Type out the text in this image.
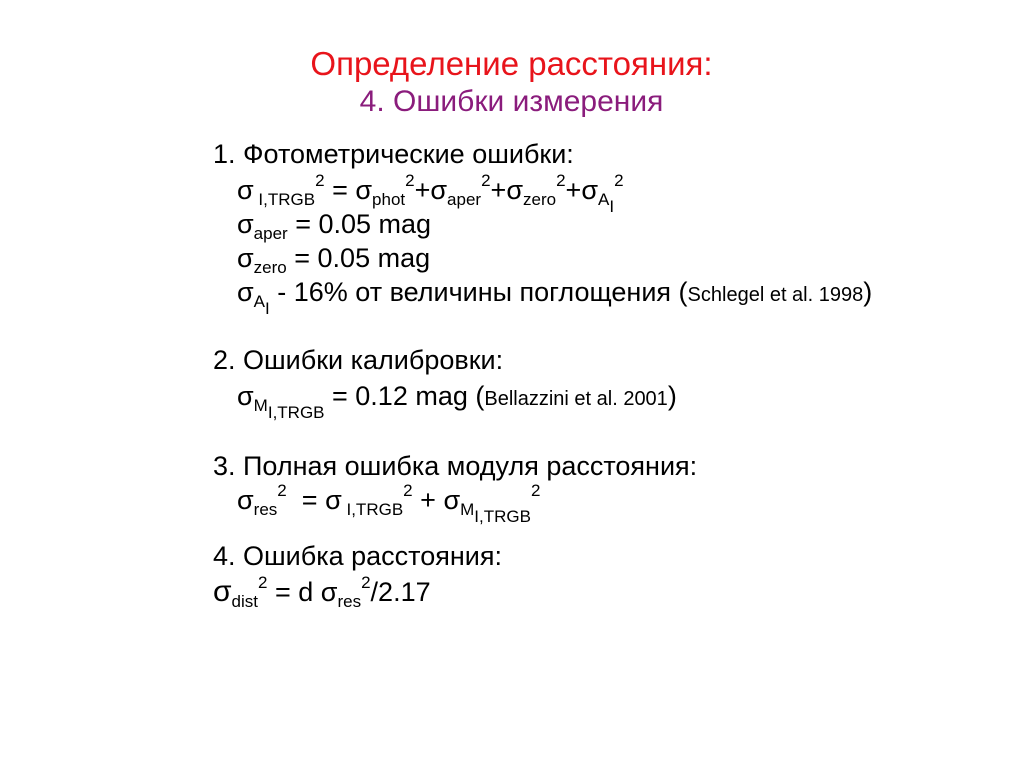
Определение расстояния:
4. Ошибки измерения
1. Фотометрические ошибки:
σ $_{I,TRGB}^2 = \sigma_{phot}^2+\sigma_{aper}^2+\sigma_{zero}^2+\sigma_{A_I}^2$
$\sigma_{aper} = 0.05$ mag
$\sigma_{zero} = 0.05$ mag
$\sigma_{A_I} - 16\%$ от величины поглощения (Schlegel et al. 1998)
2. Ошибки калибровки:
$\sigma_{M_{I,TRGB}} = 0.12$ mag (Bellazzini et al. 2001)
3. Полная ошибка модуля расстояния:
$\sigma_{res}^2 = \sigma$ $_{I,TRGB}^2 + \sigma_{M_{I,TRGB}}^2$
4. Ошибка расстояния:
$\sigma_{dist}^2 = d$ $\sigma_{res}^2/2.17$
